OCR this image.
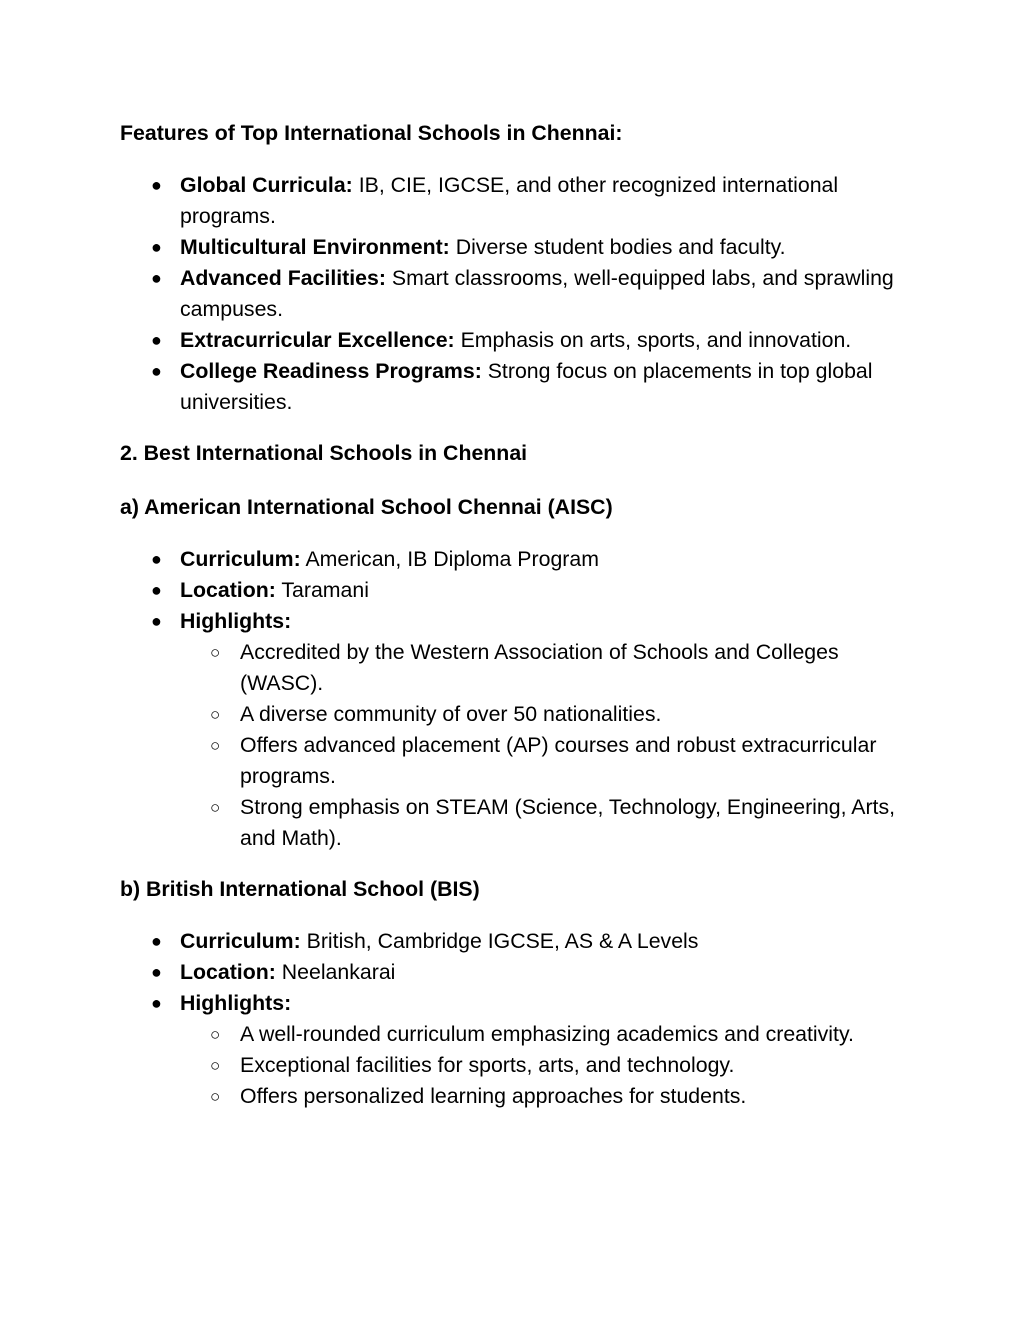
Features of Top International Schools in Chennai:
● Global Curricula: IB, CIE, IGCSE, and other recognized international programs.
● Multicultural Environment: Diverse student bodies and faculty.
● Advanced Facilities: Smart classrooms, well-equipped labs, and sprawling campuses.
● Extracurricular Excellence: Emphasis on arts, sports, and innovation.
● College Readiness Programs: Strong focus on placements in top global universities.
2. Best International Schools in Chennai
a) American International School Chennai (AISC)
● Curriculum: American, IB Diploma Program
● Location: Taramani
● Highlights:
○ Accredited by the Western Association of Schools and Colleges (WASC).
○ A diverse community of over 50 nationalities.
○ Offers advanced placement (AP) courses and robust extracurricular programs.
○ Strong emphasis on STEAM (Science, Technology, Engineering, Arts, and Math).
b) British International School (BIS)
● Curriculum: British, Cambridge IGCSE, AS & A Levels
● Location: Neelankarai
● Highlights:
○ A well-rounded curriculum emphasizing academics and creativity.
○ Exceptional facilities for sports, arts, and technology.
○ Offers personalized learning approaches for students.
